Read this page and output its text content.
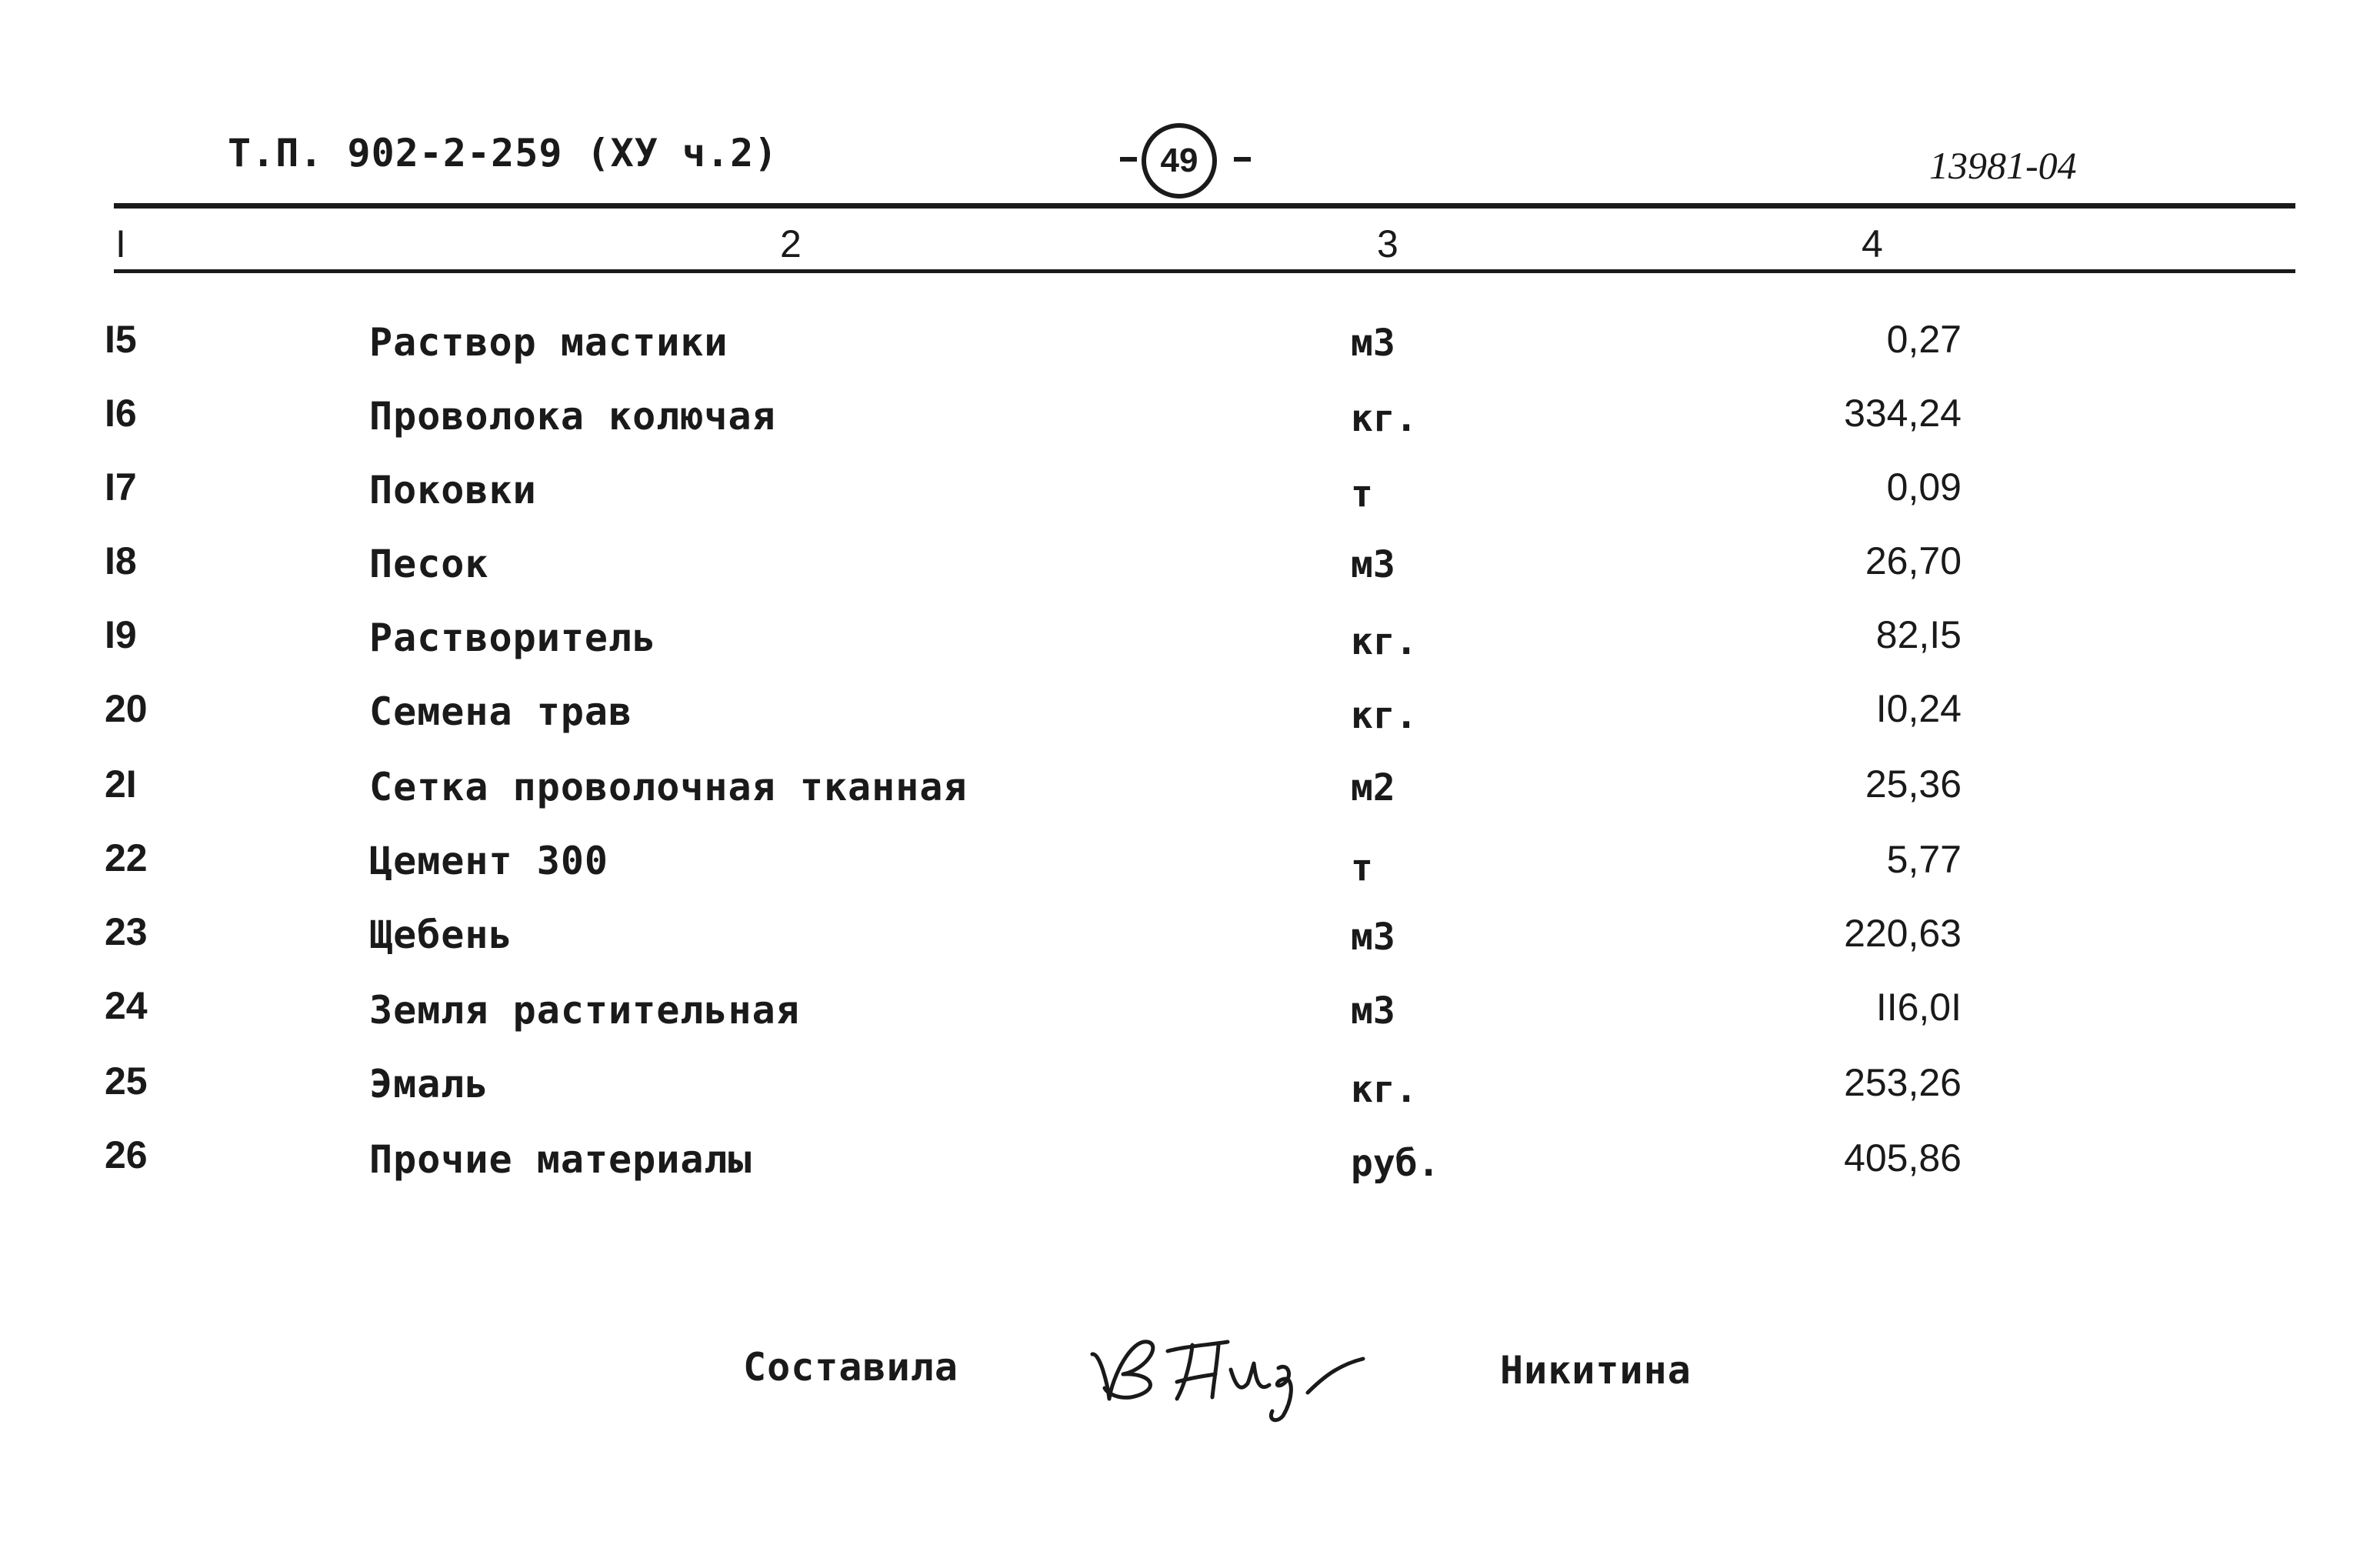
Т.П. 902-2-259 (ХУ ч.2)	49	13981-04
I	2	3	4
I5	Раствор мастики	м3	0,27
I6	Проволока колючая	кг.	334,24
I7	Поковки	т	0,09
I8	Песок	м3	26,70
I9	Растворитель	кг.	82,I5
20	Семена трав	кг.	I0,24
2I	Сетка проволочная тканная	м2	25,36
22	Цемент 300	т	5,77
23	Щебень	м3	220,63
24	Земля растительная	м3	II6,0I
25	Эмаль	кг.	253,26
26	Прочие материалы	руб.	405,86
Составила	Никитина
